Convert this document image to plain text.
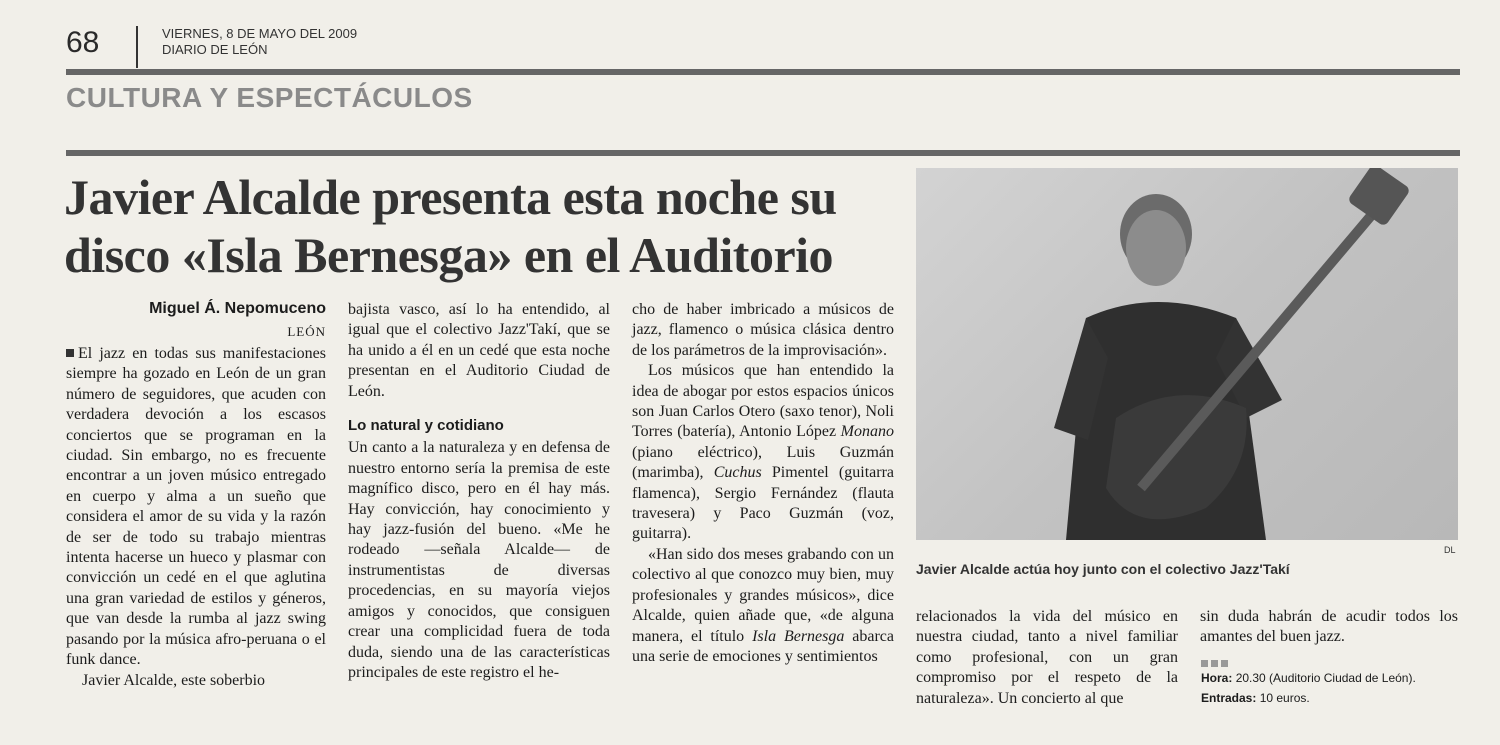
68	VIERNES, 8 DE MAYO DEL 2009
DIARIO DE LEÓN
CULTURA Y ESPECTÁCULOS
Javier Alcalde presenta esta noche su
disco «Isla Bernesga» en el Auditorio
Miguel Á. Nepomuceno
LEÓN

El jazz en todas sus manifestaciones siempre ha gozado en León de un gran número de seguidores, que acuden con verdadera devoción a los escasos conciertos que se programan en la ciudad. Sin embargo, no es frecuente encontrar a un joven músico entregado en cuerpo y alma a un sueño que considera el amor de su vida y la razón de ser de todo su trabajo mientras intenta hacerse un hueco y plasmar con convicción un cedé en el que aglutina una gran variedad de estilos y géneros, que van desde la rumba al jazz swing pasando por la música afro-peruana o el funk dance.

Javier Alcalde, este soberbio

bajista vasco, así lo ha entendido, al igual que el colectivo Jazz'Takí, que se ha unido a él en un cedé que esta noche presentan en el Auditorio Ciudad de León.

Lo natural y cotidiano

Un canto a la naturaleza y en defensa de nuestro entorno sería la premisa de este magnífico disco, pero en él hay más. Hay convicción, hay conocimiento y hay jazz-fusión del bueno. «Me he rodeado —señala Alcalde— de instrumentistas de diversas procedencias, en su mayoría viejos amigos y conocidos, que consiguen crear una complicidad fuera de toda duda, siendo una de las características principales de este registro el he-

cho de haber imbricado a músicos de jazz, flamenco o música clásica dentro de los parámetros de la improvisación».

Los músicos que han entendido la idea de abogar por estos espacios únicos son Juan Carlos Otero (saxo tenor), Noli Torres (batería), Antonio López Monano (piano eléctrico), Luis Guzmán (marimba), Cuchus Pimentel (guitarra flamenca), Sergio Fernández (flauta travesera) y Paco Guzmán (voz, guitarra).

«Han sido dos meses grabando con un colectivo al que conozco muy bien, muy profesionales y grandes músicos», dice Alcalde, quien añade que, «de alguna manera, el título Isla Bernesga abarca una serie de emociones y sentimientos

DL
Javier Alcalde actúa hoy junto con el colectivo Jazz'Takí

relacionados la vida del músico en nuestra ciudad, tanto a nivel familiar como profesional, con un gran compromiso por el respeto de la naturaleza». Un concierto al que

sin duda habrán de acudir todos los amantes del buen jazz.

Hora: 20.30 (Auditorio Ciudad de León).
Entradas: 10 euros.
